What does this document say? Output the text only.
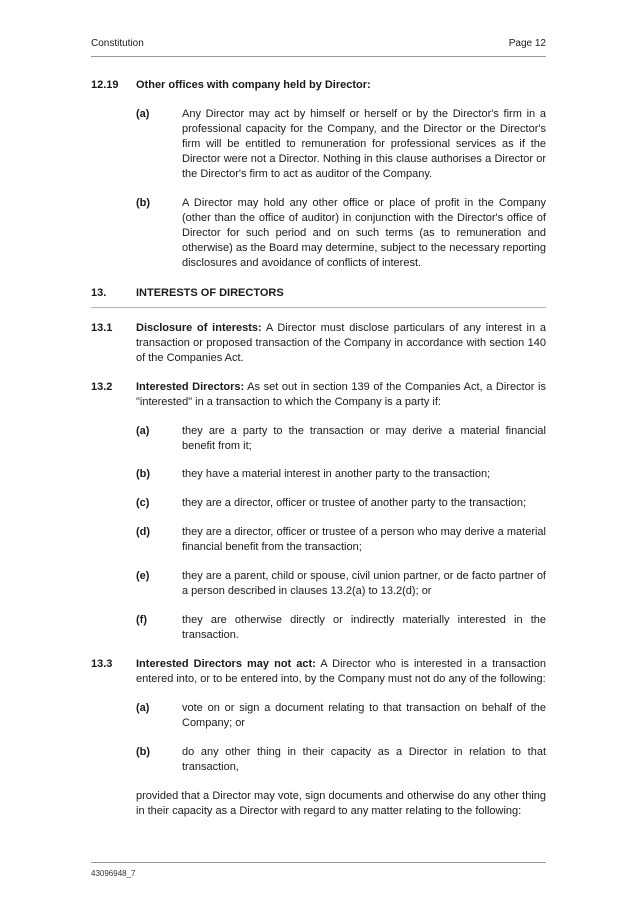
Constitution	Page 12
12.19 Other offices with company held by Director:
(a)	Any Director may act by himself or herself or by the Director's firm in a professional capacity for the Company, and the Director or the Director's firm will be entitled to remuneration for professional services as if the Director were not a Director. Nothing in this clause authorises a Director or the Director's firm to act as auditor of the Company.
(b)	A Director may hold any other office or place of profit in the Company (other than the office of auditor) in conjunction with the Director's office of Director for such period and on such terms (as to remuneration and otherwise) as the Board may determine, subject to the necessary reporting disclosures and avoidance of conflicts of interest.
13.	INTERESTS OF DIRECTORS
13.1 Disclosure of interests: A Director must disclose particulars of any interest in a transaction or proposed transaction of the Company in accordance with section 140 of the Companies Act.
13.2 Interested Directors: As set out in section 139 of the Companies Act, a Director is "interested" in a transaction to which the Company is a party if:
(a)	they are a party to the transaction or may derive a material financial benefit from it;
(b)	they have a material interest in another party to the transaction;
(c)	they are a director, officer or trustee of another party to the transaction;
(d)	they are a director, officer or trustee of a person who may derive a material financial benefit from the transaction;
(e)	they are a parent, child or spouse, civil union partner, or de facto partner of a person described in clauses 13.2(a) to 13.2(d); or
(f)	they are otherwise directly or indirectly materially interested in the transaction.
13.3 Interested Directors may not act: A Director who is interested in a transaction entered into, or to be entered into, by the Company must not do any of the following:
(a)	vote on or sign a document relating to that transaction on behalf of the Company; or
(b)	do any other thing in their capacity as a Director in relation to that transaction,
provided that a Director may vote, sign documents and otherwise do any other thing in their capacity as a Director with regard to any matter relating to the following:
43096948_7
